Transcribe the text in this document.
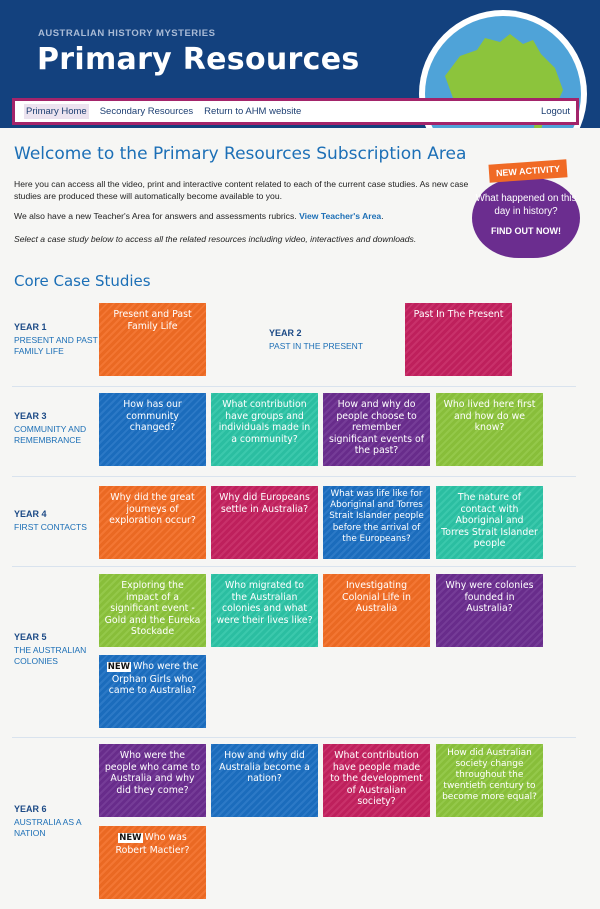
AUSTRALIAN HISTORY MYSTERIES
Primary Resources
Primary Home Secondary Resources Return to AHM website	Logout
Welcome to the Primary Resources Subscription Area

Here you can access all the video, print and interactive content related to each of the current case studies. As new case studies are produced these will automatically become available to you.

We also have a new Teacher's Area for answers and assessments rubrics. View Teacher's Area.

Select a case study below to access all the related resources including video, interactives and downloads.

NEW ACTIVITY
What happened on this day in history?
FIND OUT NOW!
Core Case Studies
YEAR 1
PRESENT AND PAST
FAMILY LIFE
Present and Past Family Life
YEAR 2
PAST IN THE PRESENT
Past In The Present
YEAR 3
COMMUNITY AND
REMEMBRANCE
How has our community changed?
What contribution have groups and individuals made in a community?
How and why do people choose to remember significant events of the past?
Who lived here first and how do we know?
YEAR 4
FIRST CONTACTS
Why did the great journeys of exploration occur?
Why did Europeans settle in Australia?
What was life like for Aboriginal and Torres Strait Islander people before the arrival of the Europeans?
The nature of contact with Aboriginal and Torres Strait Islander people
YEAR 5
THE AUSTRALIAN
COLONIES
Exploring the impact of a significant event - Gold and the Eureka Stockade
Who migrated to the Australian colonies and what were their lives like?
Investigating Colonial Life in Australia
Why were colonies founded in Australia?
NEW Who were the Orphan Girls who came to Australia?
YEAR 6
AUSTRALIA AS A
NATION
Who were the people who came to Australia and why did they come?
How and why did Australia become a nation?
What contribution have people made to the development of Australian society?
How did Australian society change throughout the twentieth century to become more equal?
NEW Who was Robert Mactier?
